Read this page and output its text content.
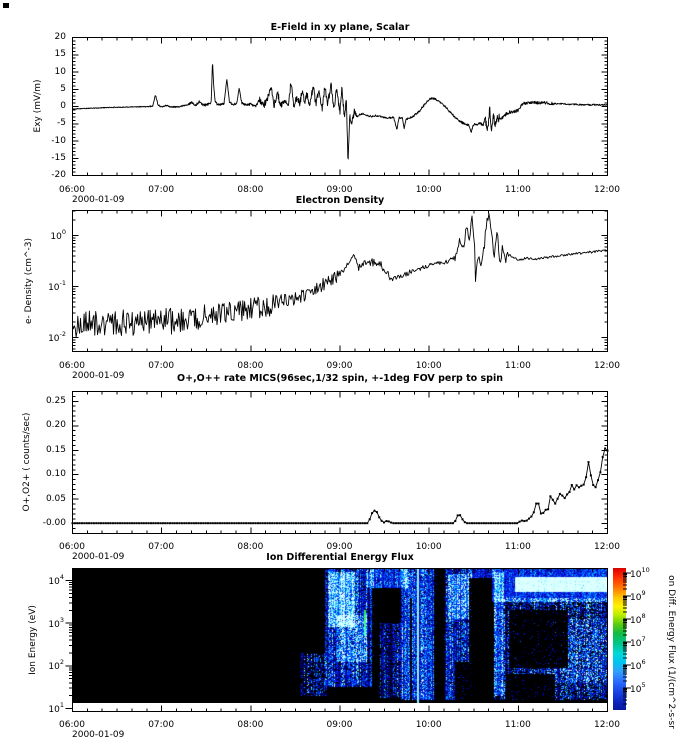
E-Field in xy plane, Scalar
Electron Density
O+,O++ rate MICS(96sec,1/32 spin, +-1deg FOV perp to spin
Ion Differential Energy Flux
Exy (mV/m)
e- Density (cm^-3)
O+,O2+ ( counts/sec)
Ion Energy (eV)
2000-01-09
2000-01-09
2000-01-09
2000-01-09
on Diff. Energy Flux (1/(cm^2-s-sr
06:00
06:00
06:00
06:00
07:00
07:00
07:00
07:00
08:00
08:00
08:00
08:00
09:00
09:00
09:00
09:00
10:00
10:00
10:00
10:00
11:00
11:00
11:00
11:00
12:00
12:00
12:00
12:00
20
15
10
5
0
-5
-10
-15
-20
$10^0$
$10^{-1}$
$10^{-2}$
0.25
0.20
0.15
0.10
0.05
-0.00
$10^4$
$10^3$
$10^2$
$10^1$
$10^{10}$
$10^9$
$10^8$
$10^7$
$10^6$
$10^5$
